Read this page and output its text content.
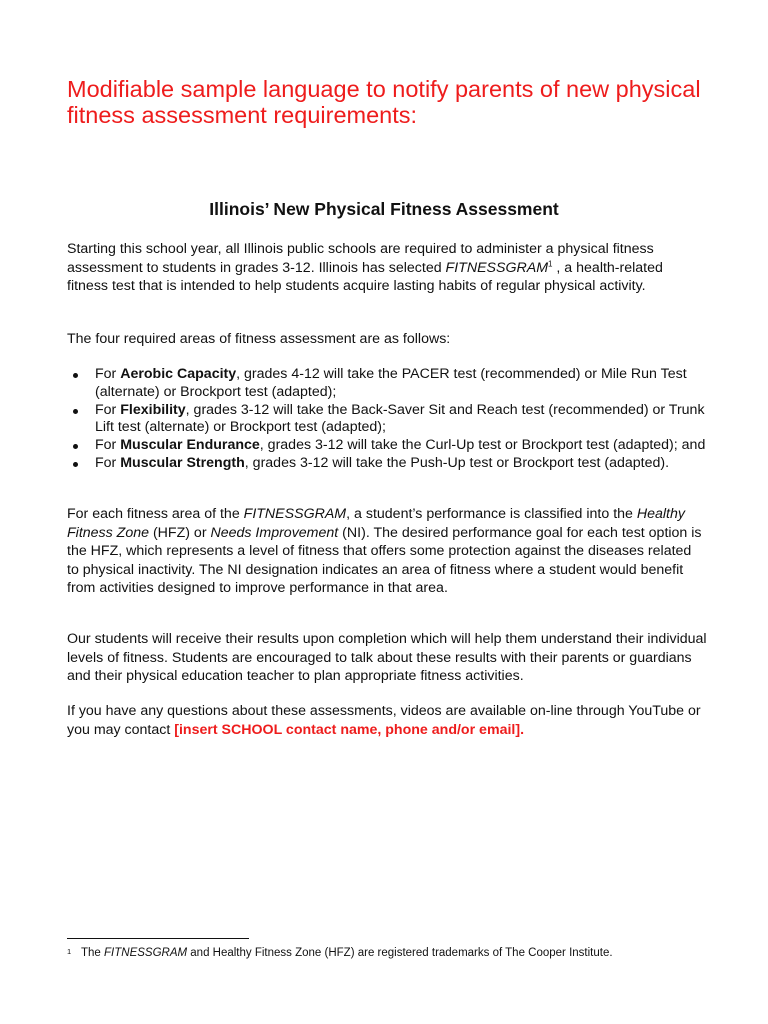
Modifiable sample language to notify parents of new physical
fitness assessment requirements:
Illinois’ New Physical Fitness Assessment

Starting this school year, all Illinois public schools are required to administer a physical fitness assessment to students in grades 3-12. Illinois has selected FITNESSGRAM$^1$ , a health-related fitness test that is intended to help students acquire lasting habits of regular physical activity.

The four required areas of fitness assessment are as follows:

For Aerobic Capacity, grades 4-12 will take the PACER test (recommended) or Mile Run Test (alternate) or Brockport test (adapted);
For Flexibility, grades 3-12 will take the Back-Saver Sit and Reach test (recommended) or Trunk Lift test (alternate) or Brockport test (adapted);
For Muscular Endurance, grades 3-12 will take the Curl-Up test or Brockport test (adapted); and
For Muscular Strength, grades 3-12 will take the Push-Up test or Brockport test (adapted).

For each fitness area of the FITNESSGRAM, a student’s performance is classified into the Healthy Fitness Zone (HFZ) or Needs Improvement (NI). The desired performance goal for each test option is the HFZ, which represents a level of fitness that offers some protection against the diseases related to physical inactivity. The NI designation indicates an area of fitness where a student would benefit from activities designed to improve performance in that area.

Our students will receive their results upon completion which will help them understand their individual levels of fitness. Students are encouraged to talk about these results with their parents or guardians and their physical education teacher to plan appropriate fitness activities.

If you have any questions about these assessments, videos are available on-line through YouTube or you may contact [insert SCHOOL contact name, phone and/or email].

1 The FITNESSGRAM and Healthy Fitness Zone (HFZ) are registered trademarks of The Cooper Institute.
